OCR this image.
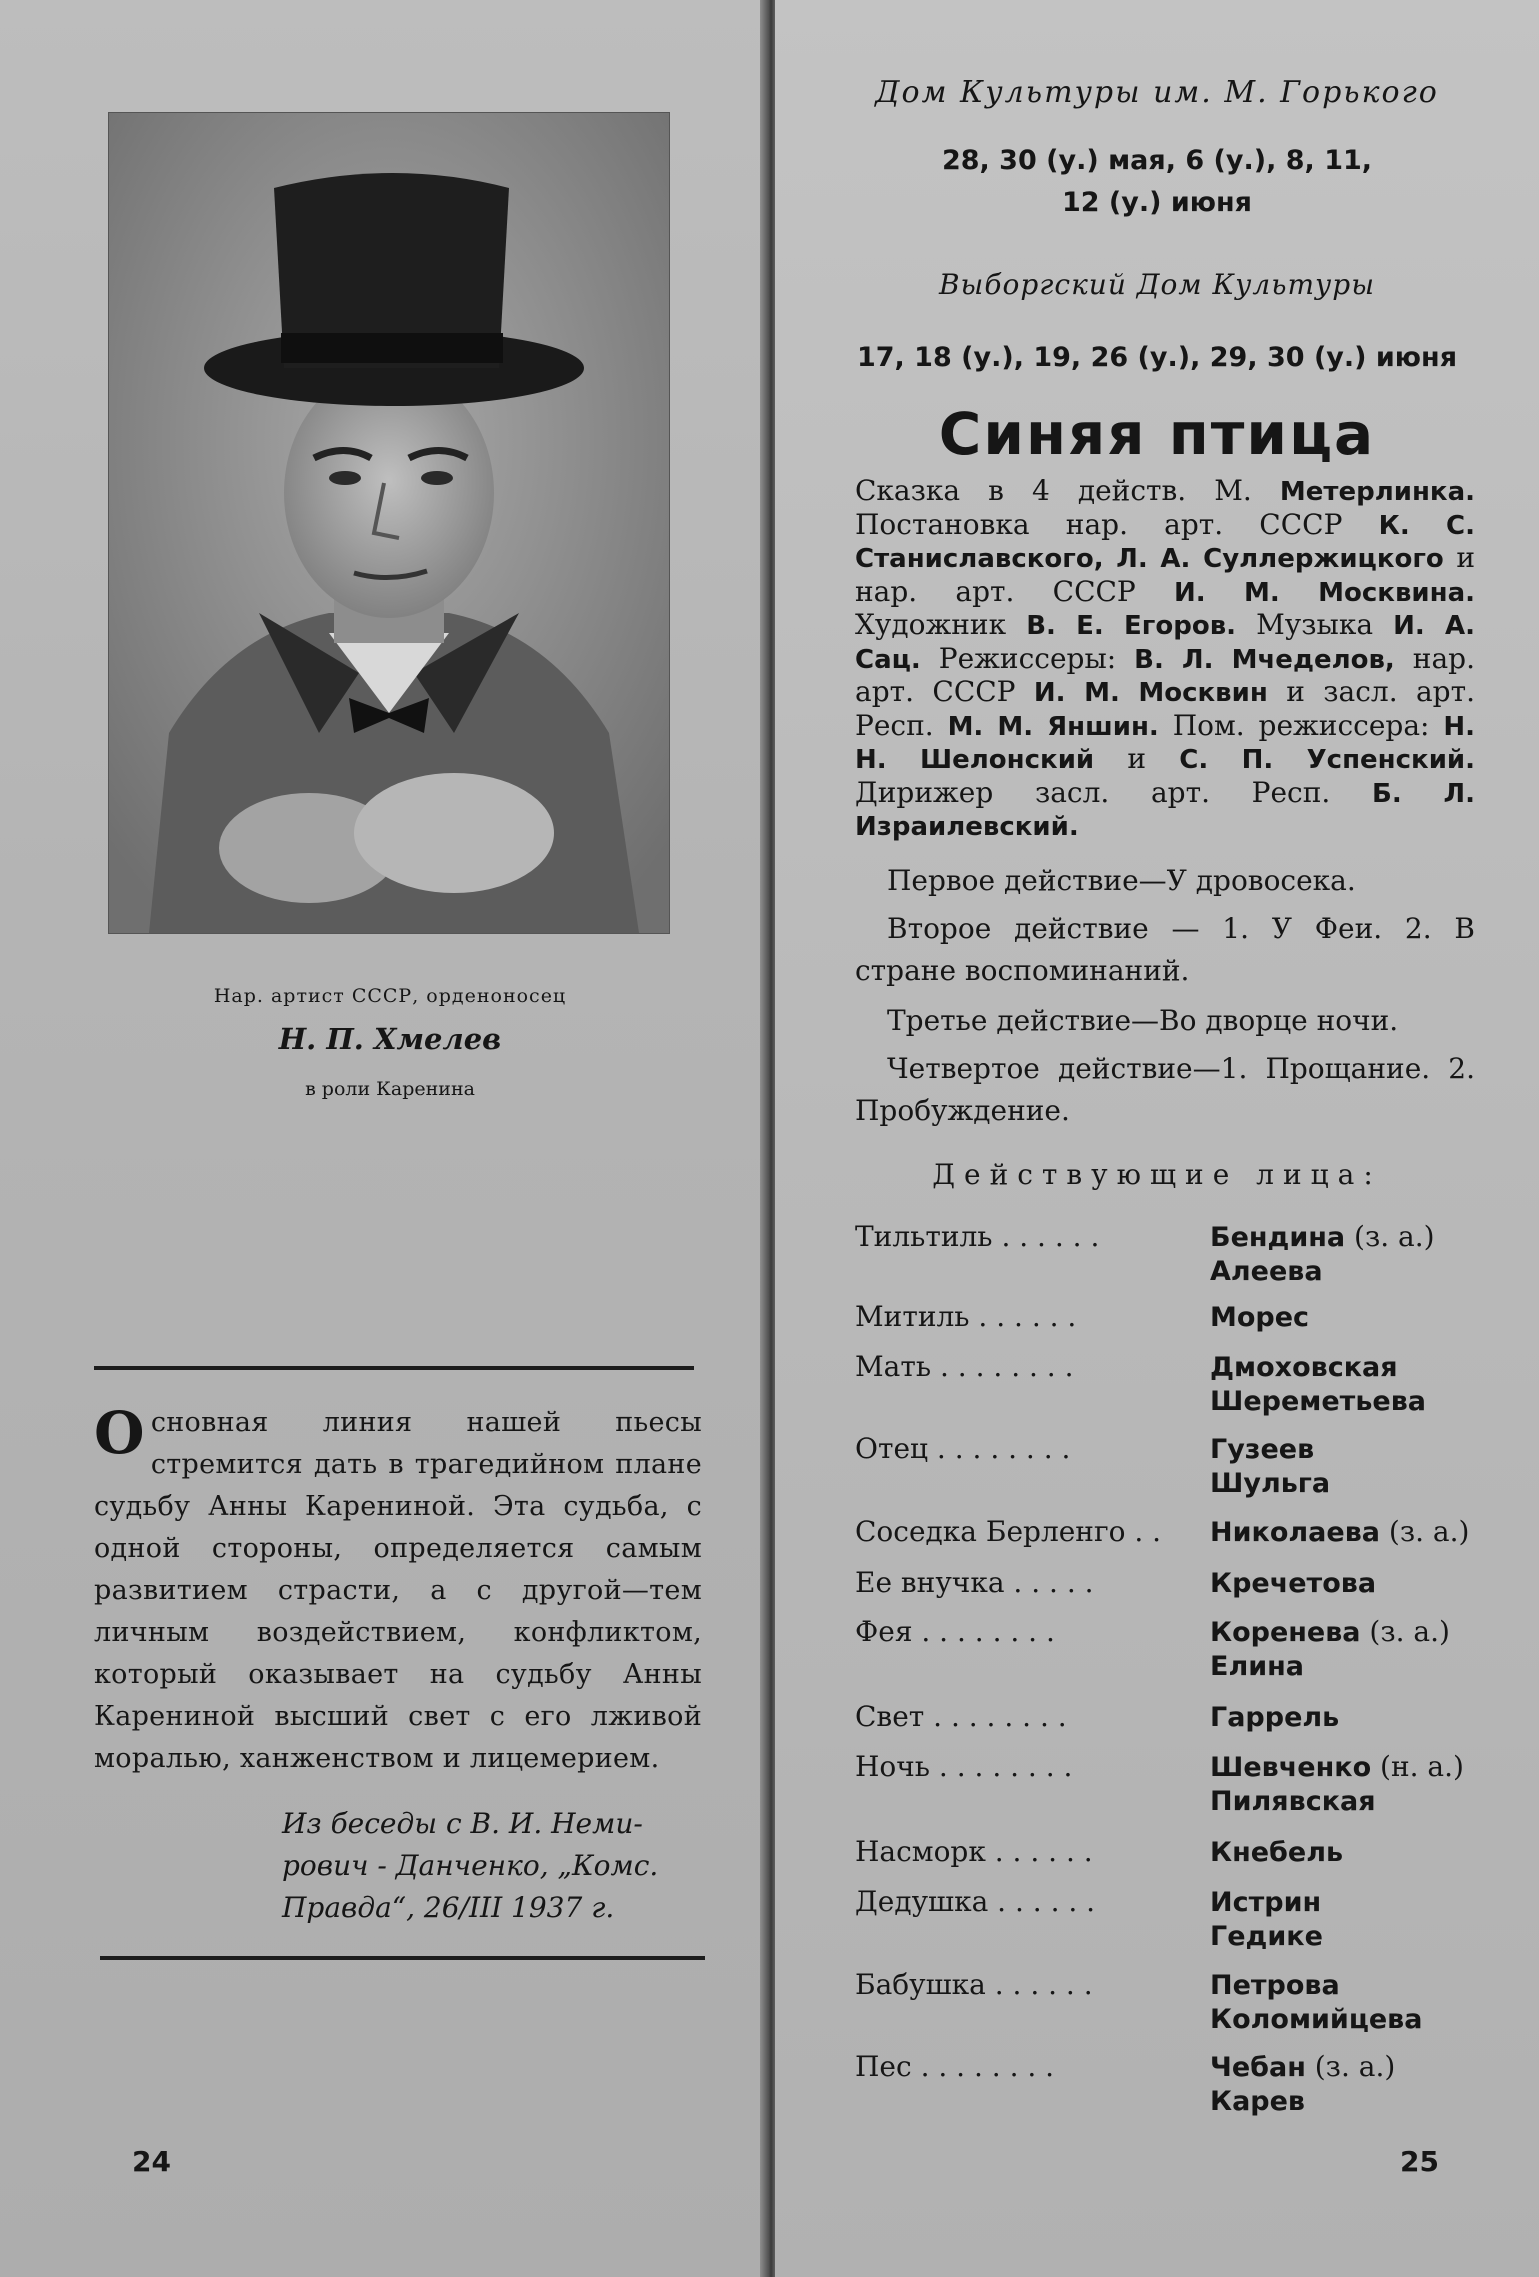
Нар. артист СССР, орденоносец
Н. П. Хмелев
в роли Каренина
Основная линия нашей пьесы стремится дать в трагедийном плане судьбу Анны Карениной. Эта судьба, с одной стороны, определяется самым развитием страсти, а с другой—тем личным воздействием, конфликтом, который оказывает на судьбу Анны Карениной высший свет с его лживой моралью, ханженством и лицемерием.
Из беседы с В. И. Неми-
рович - Данченко, „Комс.
Правда“, 26/III 1937 г.
24
Дом Культуры им. М. Горького
28, 30 (у.) мая, 6 (у.), 8, 11,
12 (у.) июня
Выборгский Дом Культуры
17, 18 (у.), 19, 26 (у.), 29, 30 (у.) июня
Синяя птица
Сказка в 4 действ. М. Метерлинка. Постановка нар. арт. СССР К. С. Станиславского, Л. А. Суллержицкого и нар. арт. СССР И. М. Москвина. Художник В. Е. Егоров. Музыка И. А. Сац. Режиссеры: В. Л. Мчеделов, нар. арт. СССР И. М. Москвин и засл. арт. Респ. М. М. Яншин. Пом. режиссера: Н. Н. Шелонский и С. П. Успенский. Дирижер засл. арт. Респ. Б. Л. Израилевский.
Первое действие—У дровосека.
Второе действие — 1. У Феи. 2. В стране воспоминаний.
Третье действие—Во дворце ночи.
Четвертое действие—1. Прощание. 2. Пробуждение.
Действующие лица:
Тильтиль . . . . . .	Бендина (з. а.)
Алеева
Митиль . . . . . .	Морес
Мать . . . . . . . .	Дмоховская
Шереметьева
Отец . . . . . . . .	Гузеев
Шульга
Соседка Берленго . . Николаева (з. а.)
Ее внучка . . . . .	Кречетова
Фея . . . . . . . .	Коренева (з. а.)
Елина
Свет . . . . . . . .	Гаррель
Ночь . . . . . . . .	Шевченко (н. а.)
Пилявская
Насморк . . . . . .	Кнебель
Дедушка . . . . . .	Истрин
Гедике
Бабушка . . . . . .	Петрова
Коломийцева
Пес . . . . . . . .	Чебан (з. а.)
Карев
25
